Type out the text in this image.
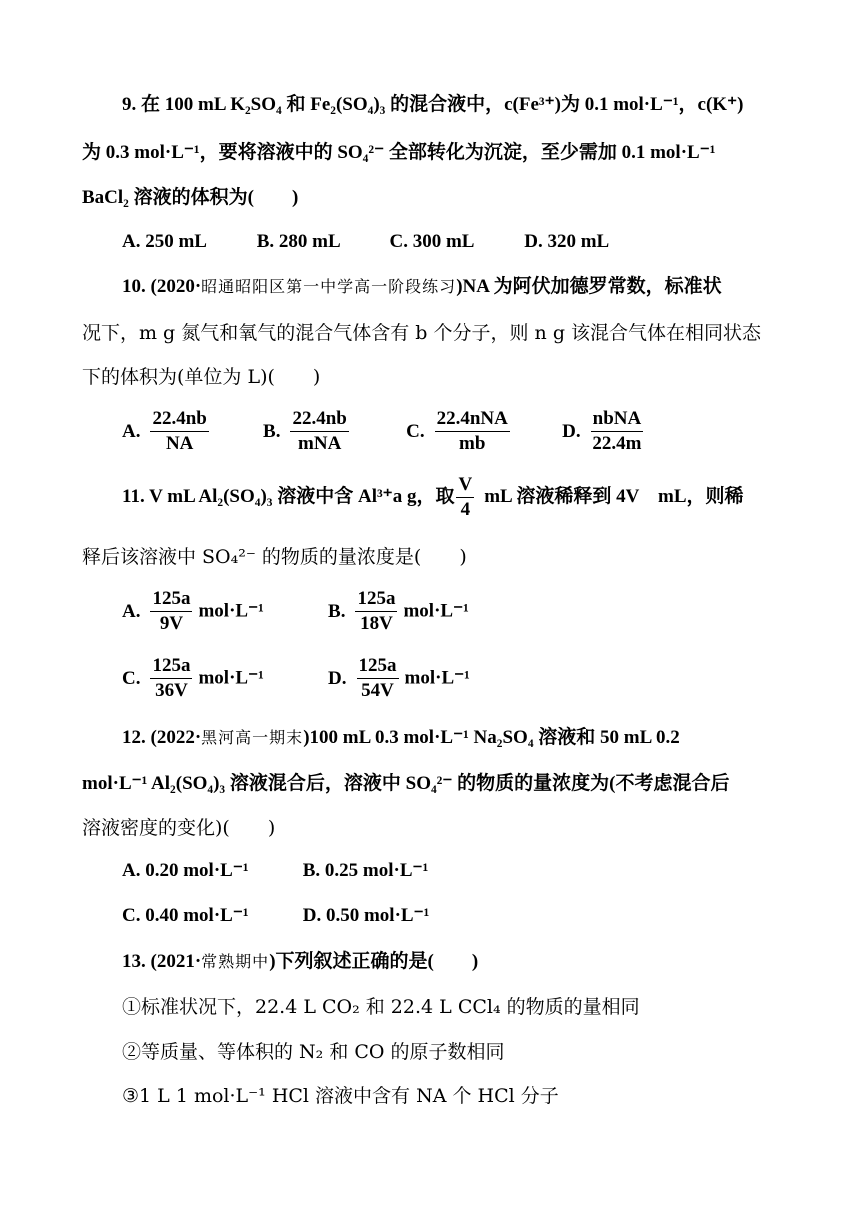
9. 在 100 mL K₂SO₄ 和 Fe₂(SO₄)₃ 的混合液中，c(Fe³⁺)为 0.1 mol·L⁻¹，c(K⁺)
为 0.3 mol·L⁻¹，要将溶液中的 SO₄²⁻ 全部转化为沉淀，至少需加 0.1 mol·L⁻¹
BaCl₂ 溶液的体积为(　　)
A. 250 mL	B. 280 mL	C. 300 mL	D. 320 mL
10. (2020·昭通昭阳区第一中学高一阶段练习)NA 为阿伏加德罗常数，标准状
况下，m g 氮气和氧气的混合气体含有 b 个分子，则 n g 该混合气体在相同状态
下的体积为(单位为 L)(　　)
A. $\frac{22.4nb}{NA}$	B. $\frac{22.4nb}{\text{mNA}}$	C. $\frac{\text{22.4nNA}}{mb}$	D. $\frac{\text{nbNA}}{22.4m}$
11. V mL Al₂(SO₄)₃ 溶液中含 Al³⁺a g，取 $\frac{V}{4}$ mL 溶液稀释到 4V　mL，则稀
释后该溶液中 SO₄²⁻ 的物质的量浓度是(　　)
A. $\frac{125a}{9V} mol\cdot L^{-1}$	B. $\frac{125a}{18V} mol\cdot L^{-1}$
C. $\frac{125a}{36V} mol\cdot L^{-1}$	D. $\frac{125a}{54V} mol\cdot L^{-1}$
12. (2022·黑河高一期末)100 mL 0.3 mol·L⁻¹ Na₂SO₄ 溶液和 50 mL 0.2
mol·L⁻¹ Al₂(SO₄)₃ 溶液混合后，溶液中 SO₄²⁻ 的物质的量浓度为(不考虑混合后
溶液密度的变化)(　　)
A. 0.20 mol·L⁻¹	B. 0.25 mol·L⁻¹
C. 0.40 mol·L⁻¹	D. 0.50 mol·L⁻¹
13. (2021·常熟期中)下列叙述正确的是(　　)
①标准状况下，22.4 L CO₂ 和 22.4 L CCl₄ 的物质的量相同
②等质量、等体积的 N₂ 和 CO 的原子数相同
③1 L 1 mol·L⁻¹ HCl 溶液中含有 NA 个 HCl 分子
